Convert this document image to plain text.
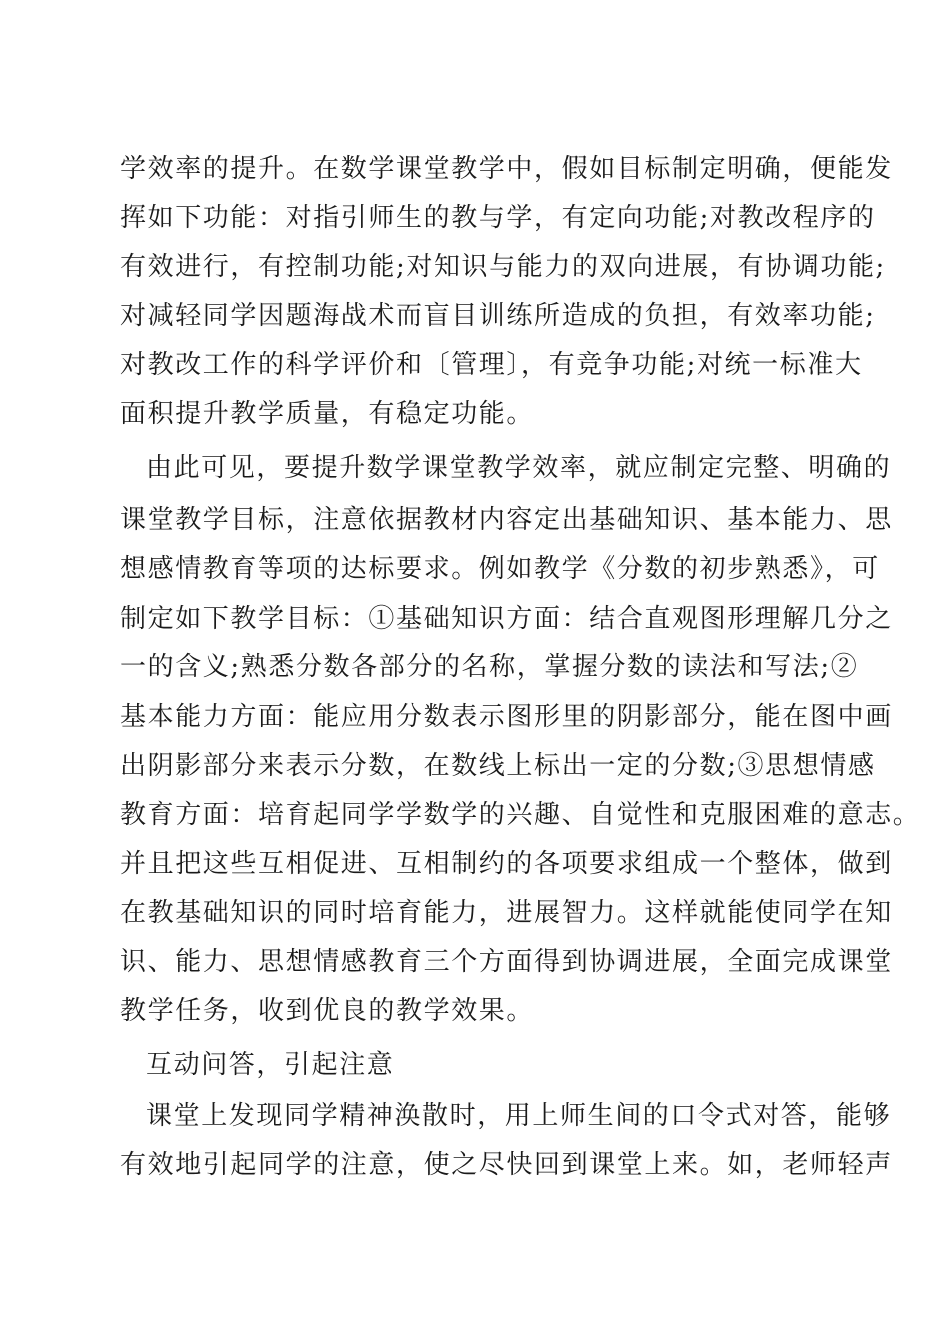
学效率的提升。在数学课堂教学中，假如目标制定明确，便能发
挥如下功能：对指引师生的教与学，有定向功能;对教改程序的
有效进行，有控制功能;对知识与能力的双向进展，有协调功能;
对减轻同学因题海战术而盲目训练所造成的负担，有效率功能;
对教改工作的科学评价和〔管理〕，有竞争功能;对统一标准大
面积提升教学质量，有稳定功能。
由此可见，要提升数学课堂教学效率，就应制定完整、明确的
课堂教学目标，注意依据教材内容定出基础知识、基本能力、思
想感情教育等项的达标要求。例如教学《分数的初步熟悉》，可
制定如下教学目标：①基础知识方面：结合直观图形理解几分之
一的含义;熟悉分数各部分的名称，掌握分数的读法和写法;②
基本能力方面：能应用分数表示图形里的阴影部分，能在图中画
出阴影部分来表示分数，在数线上标出一定的分数;③思想情感
教育方面：培育起同学学数学的兴趣、自觉性和克服困难的意志。
并且把这些互相促进、互相制约的各项要求组成一个整体，做到
在教基础知识的同时培育能力，进展智力。这样就能使同学在知
识、能力、思想情感教育三个方面得到协调进展，全面完成课堂
教学任务，收到优良的教学效果。
互动问答，引起注意
课堂上发现同学精神涣散时，用上师生间的口令式对答，能够
有效地引起同学的注意，使之尽快回到课堂上来。如，老师轻声
